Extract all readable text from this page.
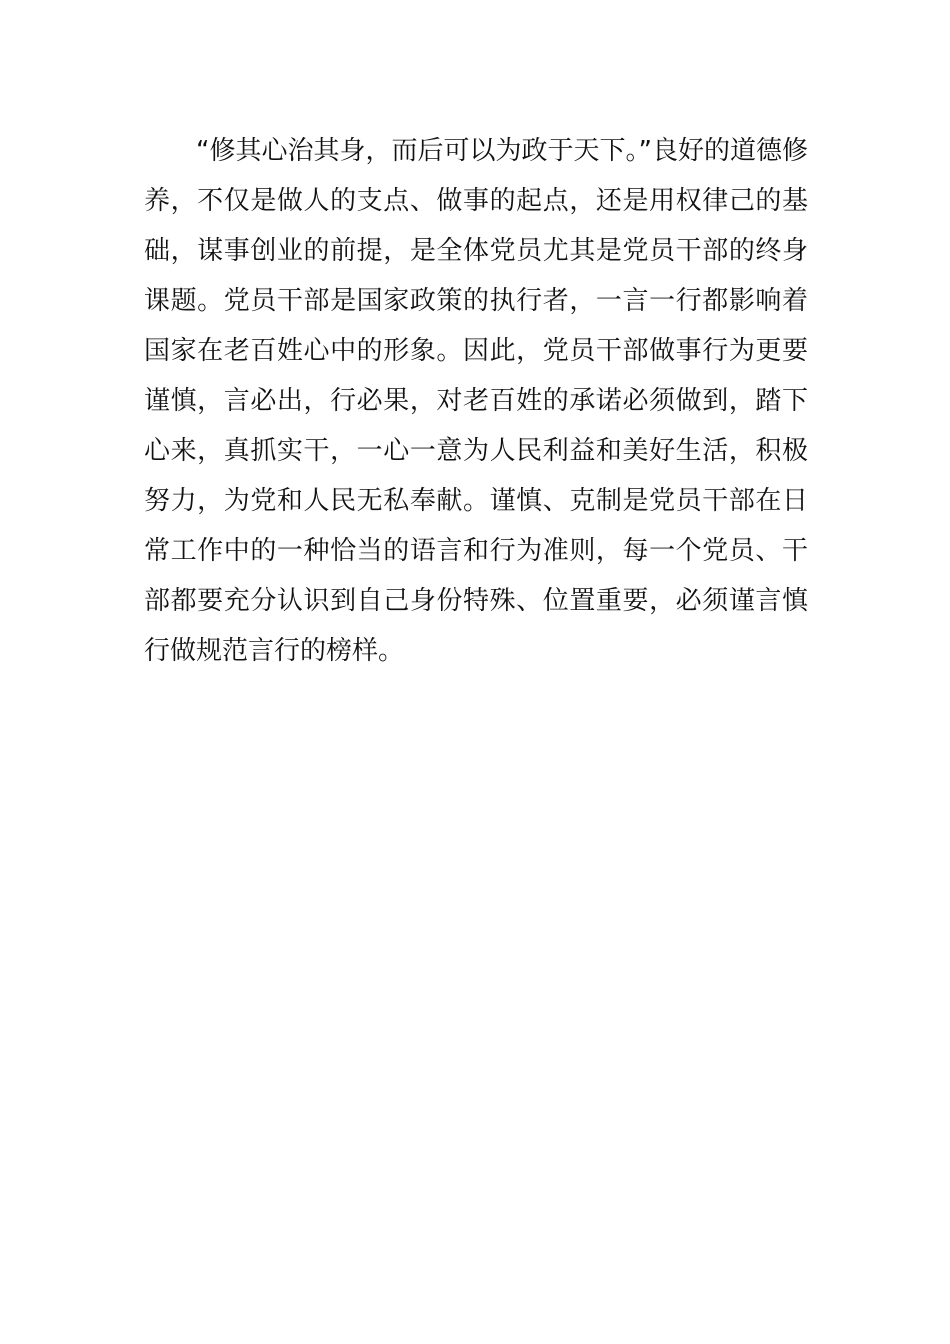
“修其心治其身，而后可以为政于天下。”良好的道德修
养，不仅是做人的支点、做事的起点，还是用权律己的基
础，谋事创业的前提，是全体党员尤其是党员干部的终身
课题。党员干部是国家政策的执行者，一言一行都影响着
国家在老百姓心中的形象。因此，党员干部做事行为更要
谨慎，言必出，行必果，对老百姓的承诺必须做到，踏下
心来，真抓实干，一心一意为人民利益和美好生活，积极
努力，为党和人民无私奉献。谨慎、克制是党员干部在日
常工作中的一种恰当的语言和行为准则，每一个党员、干
部都要充分认识到自己身份特殊、位置重要，必须谨言慎
行做规范言行的榜样。
